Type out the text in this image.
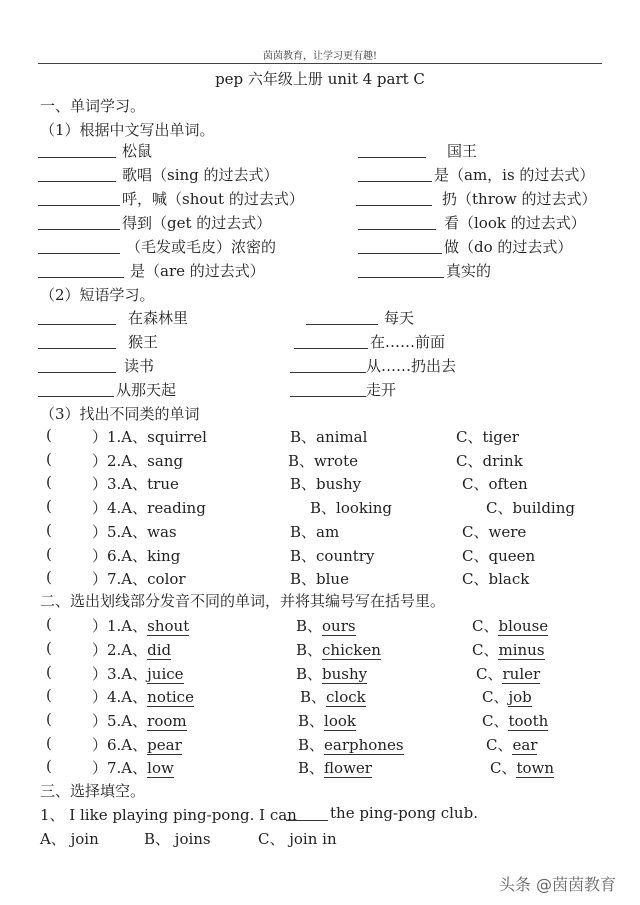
茵茵教育，让学习更有趣!
pep 六年级上册 unit 4 part C
一、单词学习。
（1）根据中文写出单词。
松鼠	国王
歌唱（sing 的过去式）	是（am，is 的过去式）
呼，喊（shout 的过去式）	扔（throw 的过去式）
得到（get 的过去式）	看（look 的过去式）
（毛发或毛皮）浓密的	做（do 的过去式）
是（are 的过去式）	真实的
（2）短语学习。
在森林里	每天
猴王	在……前面
读书	从……扔出去
从那天起	走开
（3）找出不同类的单词
(	）1.A、squirrel	B、animal	C、tiger
(	）2.A、sang	B、wrote	C、drink
(	）3.A、true	B、bushy	C、often
(	）4.A、reading	B、looking	C、building
(	）5.A、was	B、am	C、were
(	）6.A、king	B、country	C、queen
(	）7.A、color	B、blue	C、black
二、选出划线部分发音不同的单词，并将其编号写在括号里。
(	）1.A、shout	B、ours	C、blouse
(	）2.A、did	B、chicken	C、minus
(	）3.A、juice	B、bushy	C、ruler
(	）4.A、notice	B、clock	C、job
(	）5.A、room	B、look	C、tooth
(	）6.A、pear	B、earphones	C、ear
(	）7.A、low	B、flower	C、town
三、选择填空。
1、 I like playing ping-pong. I can the ping-pong club.
A、 join	B、 joins	C、 join in
头条 @茵茵教育
